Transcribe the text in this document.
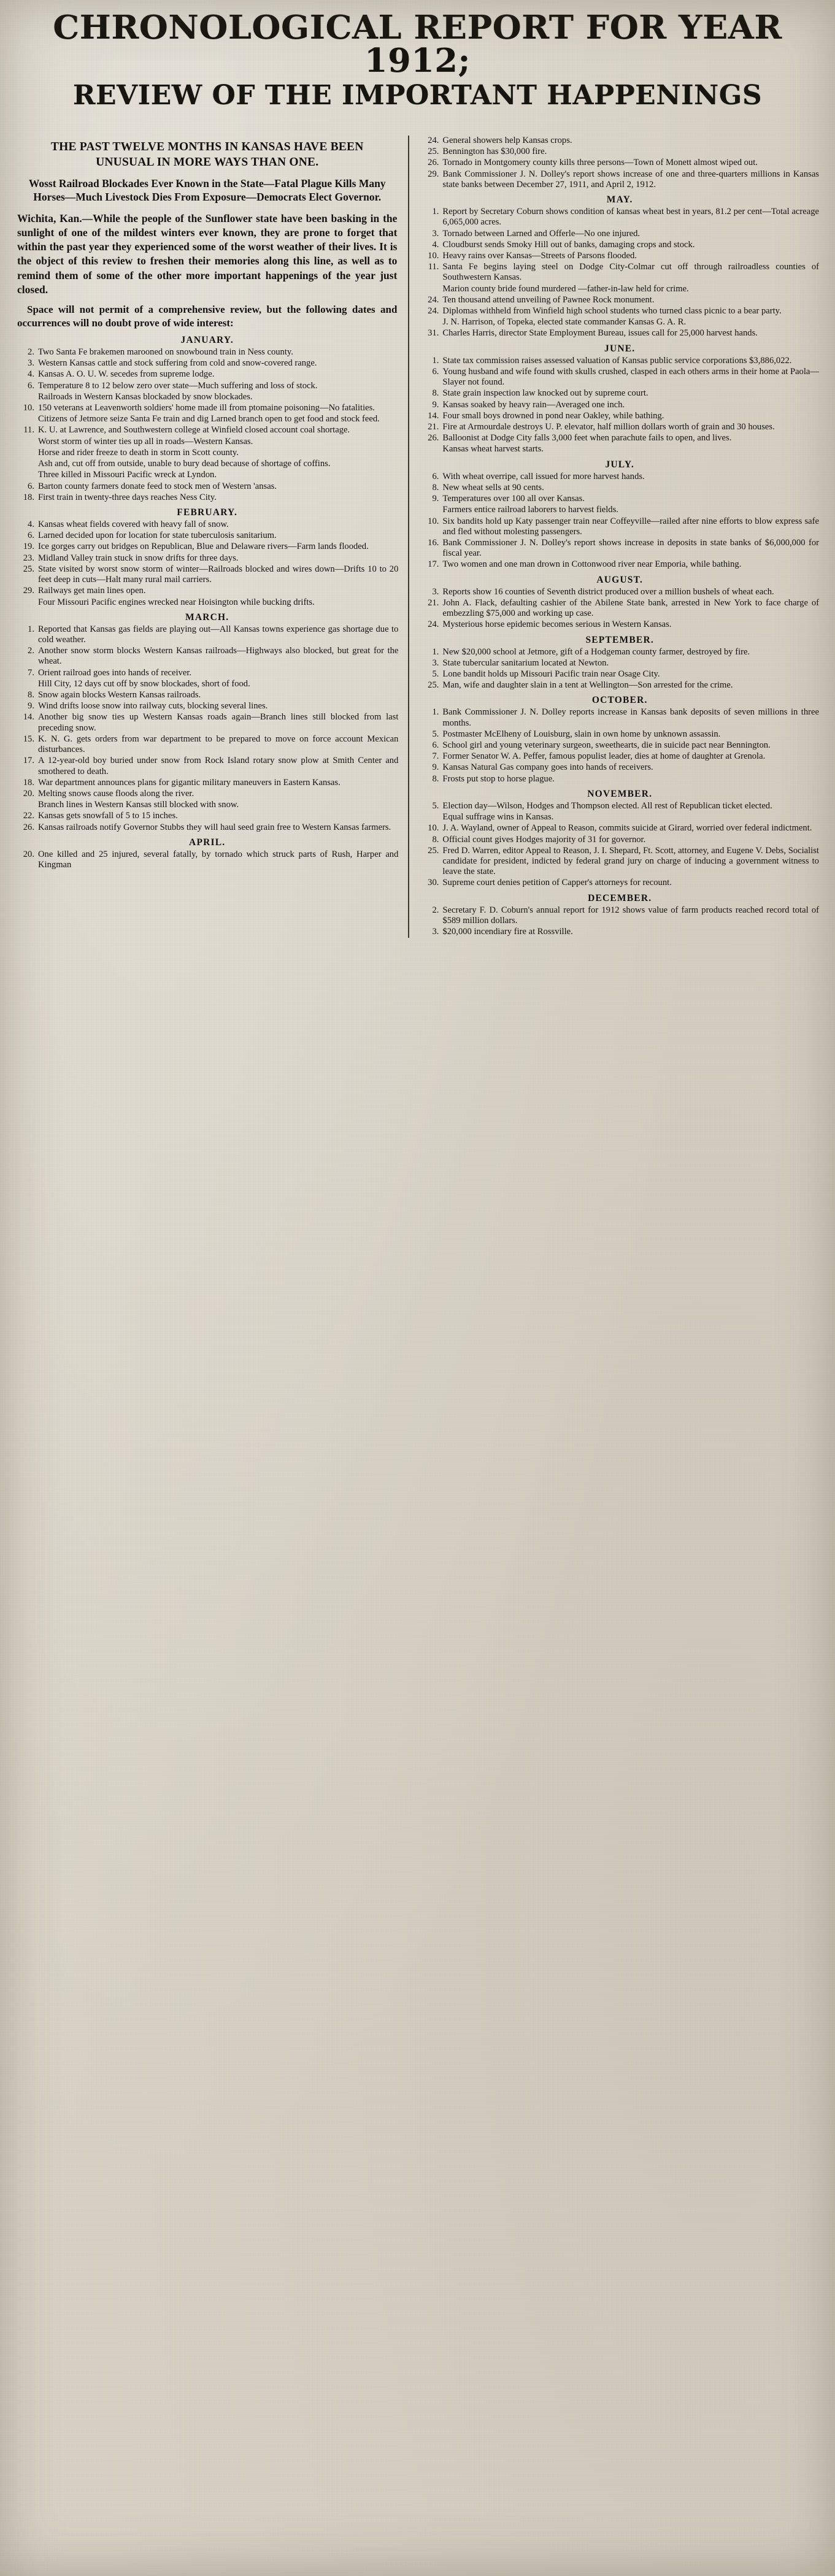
CHRONOLOGICAL REPORT FOR YEAR 1912;
REVIEW OF THE IMPORTANT HAPPENINGS
THE PAST TWELVE MONTHS IN KANSAS HAVE BEEN UNUSUAL IN MORE WAYS THAN ONE.
Wosst Railroad Blockades Ever Known in the State—Fatal Plague Kills Many Horses—Much Livestock Dies From Exposure—Democrats Elect Governor.
Wichita, Kan.—While the people of the Sunflower state have been basking in the sunlight of one of the mildest winters ever known, they are prone to forget that within the past year they experienced some of the worst weather of their lives. It is the object of this review to freshen their memories along this line, as well as to remind them of some of the other more important happenings of the year just closed.
Space will not permit of a comprehensive review, but the following dates and occurrences will no doubt prove of wide interest:
JANUARY.
2. Two Santa Fe brakemen marooned on snowbound train in Ness county.
3. Western Kansas cattle and stock suffering from cold and snow-covered range.
4. Kansas A. O. U. W. secedes from supreme lodge.
6. Temperature 8 to 12 below zero over state—Much suffering and loss of stock.
Railroads in Western Kansas blockaded by snow blockades.
10. 150 veterans at Leavenworth soldiers' home made ill from ptomaine poisoning—No fatalities.
Citizens of Jetmore seize Santa Fe train and dig Larned branch open to get food and stock feed.
11. K. U. at Lawrence, and Southwestern college at Winfield closed account coal shortage.
Worst storm of winter ties up all in roads—Western Kansas.
Horse and rider freeze to death in storm in Scott county.
Ash and, cut off from outside, unable to bury dead because of shortage of coffins.
Three killed in Missouri Pacific wreck at Lyndon.
6. Barton county farmers donate feed to stock men of Western 'ansas.
18. First train in twenty-three days reaches Ness City.
FEBRUARY.
4. Kansas wheat fields covered with heavy fall of snow.
6. Larned decided upon for location for state tuberculosis sanitarium.
19. Ice gorges carry out bridges on Republican, Blue and Delaware rivers—Farm lands flooded.
23. Midland Valley train stuck in snow drifts for three days.
25. State visited by worst snow storm of winter—Railroads blocked and wires down—Drifts 10 to 20 feet deep in cuts—Halt many rural mail carriers.
29. Railways get main lines open.
Four Missouri Pacific engines wrecked near Hoisington while bucking drifts.
MARCH.
1. Reported that Kansas gas fields are playing out—All Kansas towns experience gas shortage due to cold weather.
2. Another snow storm blocks Western Kansas railroads—Highways also blocked, but great for the wheat.
7. Orient railroad goes into hands of receiver.
Hill City, 12 days cut off by snow blockades, short of food.
8. Snow again blocks Western Kansas railroads.
9. Wind drifts loose snow into railway cuts, blocking several lines.
14. Another big snow ties up Western Kansas roads again—Branch lines still blocked from last preceding snow.
15. K. N. G. gets orders from war department to be prepared to move on force account Mexican disturbances.
17. A 12-year-old boy buried under snow from Rock Island rotary snow plow at Smith Center and smothered to death.
18. War department announces plans for gigantic military maneuvers in Eastern Kansas.
20. Melting snows cause floods along the river.
Branch lines in Western Kansas still blocked with snow.
22. Kansas gets snowfall of 5 to 15 inches.
26. Kansas railroads notify Governor Stubbs they will haul seed grain free to Western Kansas farmers.
APRIL.
20. One killed and 25 injured, several fatally, by tornado which struck parts of Rush, Harper and Kingman
24. General showers help Kansas crops.
25. Bennington has $30,000 fire.
26. Tornado in Montgomery county kills three persons—Town of Monett almost wiped out.
29. Bank Commissioner J. N. Dolley's report shows increase of one and three-quarters millions in Kansas state banks between December 27, 1911, and April 2, 1912.
MAY.
1. Report by Secretary Coburn shows condition of kansas wheat best in years, 81.2 per cent—Total acreage 6,065,000 acres.
3. Tornado between Larned and Offerle—No one injured.
4. Cloudburst sends Smoky Hill out of banks, damaging crops and stock.
10. Heavy rains over Kansas—Streets of Parsons flooded.
11. Santa Fe begins laying steel on Dodge City-Colmar cut off through railroadless counties of Southwestern Kansas.
Marion county bride found murdered —father-in-law held for crime.
24. Ten thousand attend unveiling of Pawnee Rock monument.
24. Diplomas withheld from Winfield high school students who turned class picnic to a bear party.
J. N. Harrison, of Topeka, elected state commander Kansas G. A. R.
31. Charles Harris, director State Employment Bureau, issues call for 25,000 harvest hands.
JUNE.
1. State tax commission raises assessed valuation of Kansas public service corporations $3,886,022.
6. Young husband and wife found with skulls crushed, clasped in each others arms in their home at Paola—Slayer not found.
8. State grain inspection law knocked out by supreme court.
9. Kansas soaked by heavy rain—Averaged one inch.
14. Four small boys drowned in pond near Oakley, while bathing.
21. Fire at Armourdale destroys U. P. elevator, half million dollars worth of grain and 30 houses.
26. Balloonist at Dodge City falls 3,000 feet when parachute fails to open, and lives.
Kansas wheat harvest starts.
JULY.
6. With wheat overripe, call issued for more harvest hands.
8. New wheat sells at 90 cents.
9. Temperatures over 100 all over Kansas.
Farmers entice railroad laborers to harvest fields.
10. Six bandits hold up Katy passenger train near Coffeyville—railed after nine efforts to blow express safe and fled without molesting passengers.
16. Bank Commissioner J. N. Dolley's report shows increase in deposits in state banks of $6,000,000 for fiscal year.
17. Two women and one man drown in Cottonwood river near Emporia, while bathing.
AUGUST.
3. Reports show 16 counties of Seventh district produced over a million bushels of wheat each.
21. John A. Flack, defaulting cashier of the Abilene State bank, arrested in New York to face charge of embezzling $75,000 and working up case.
24. Mysterious horse epidemic becomes serious in Western Kansas.
SEPTEMBER.
1. New $20,000 school at Jetmore, gift of a Hodgeman county farmer, destroyed by fire.
3. State tubercular sanitarium located at Newton.
5. Lone bandit holds up Missouri Pacific train near Osage City.
25. Man, wife and daughter slain in a tent at Wellington—Son arrested for the crime.
OCTOBER.
1. Bank Commissioner J. N. Dolley reports increase in Kansas bank deposits of seven millions in three months.
5. Postmaster McElheny of Louisburg, slain in own home by unknown assassin.
6. School girl and young veterinary surgeon, sweethearts, die in suicide pact near Bennington.
7. Former Senator W. A. Peffer, famous populist leader, dies at home of daughter at Grenola.
9. Kansas Natural Gas company goes into hands of receivers.
8. Frosts put stop to horse plague.
NOVEMBER.
5. Election day—Wilson, Hodges and Thompson elected. All rest of Republican ticket elected.
Equal suffrage wins in Kansas.
10. J. A. Wayland, owner of Appeal to Reason, commits suicide at Girard, worried over federal indictment.
8. Official count gives Hodges majority of 31 for governor.
25. Fred D. Warren, editor Appeal to Reason, J. I. Shepard, Ft. Scott, attorney, and Eugene V. Debs, Socialist candidate for president, indicted by federal grand jury on charge of inducing a government witness to leave the state.
30. Supreme court denies petition of Capper's attorneys for recount.
DECEMBER.
2. Secretary F. D. Coburn's annual report for 1912 shows value of farm products reached record total of $589 million dollars.
3. $20,000 incendiary fire at Rossville.
